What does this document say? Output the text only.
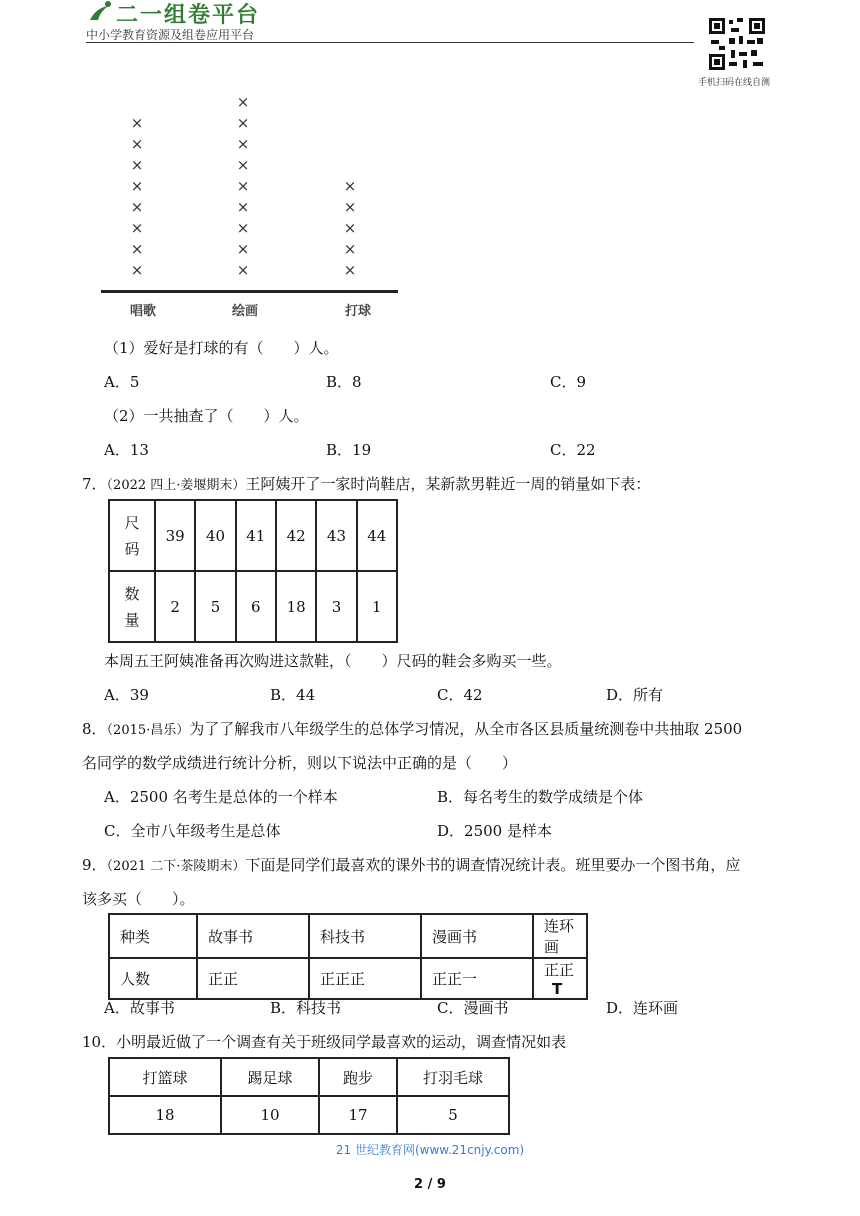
二一组卷平台
中小学教育资源及组卷应用平台
手机扫码在线自测
×
×
×
×
×
×
×
×
×
×
×
×
×
×
×
×
×
×
×
×
×
×
唱歌	绘画	打球
（1）爱好是打球的有（　　）人。
A．5	B．8	C．9
（2）一共抽查了（　　）人。
A．13	B．19	C．22
7．（2022 四上·姜堰期末）王阿姨开了一家时尚鞋店，某新款男鞋近一周的销量如下表：
尺
码	39	40	41	42	43	44
数
量	2	5	6	18	3	1
本周五王阿姨准备再次购进这款鞋，（　　）尺码的鞋会多购买一些。
A．39	B．44	C．42	D．所有
8．（2015·昌乐）为了了解我市八年级学生的总体学习情况，从全市各区县质量统测卷中共抽取 2500
名同学的数学成绩进行统计分析，则以下说法中正确的是（　　）
A．2500 名考生是总体的一个样本	B．每名考生的数学成绩是个体
C．全市八年级考生是总体	D．2500 是样本
9．（2021 二下·茶陵期末）下面是同学们最喜欢的课外书的调查情况统计表。班里要办一个图书角，应
该多买（　　）。
种类	故事书	科技书	漫画书	连环画
人数	正正	正正正	正正一	正正 T
A．故事书	B．科技书	C．漫画书	D．连环画
10．小明最近做了一个调查有关于班级同学最喜欢的运动，调查情况如表
打篮球	踢足球	跑步	打羽毛球
18	10	17	5
21 世纪教育网(www.21cnjy.com)
2 / 9
